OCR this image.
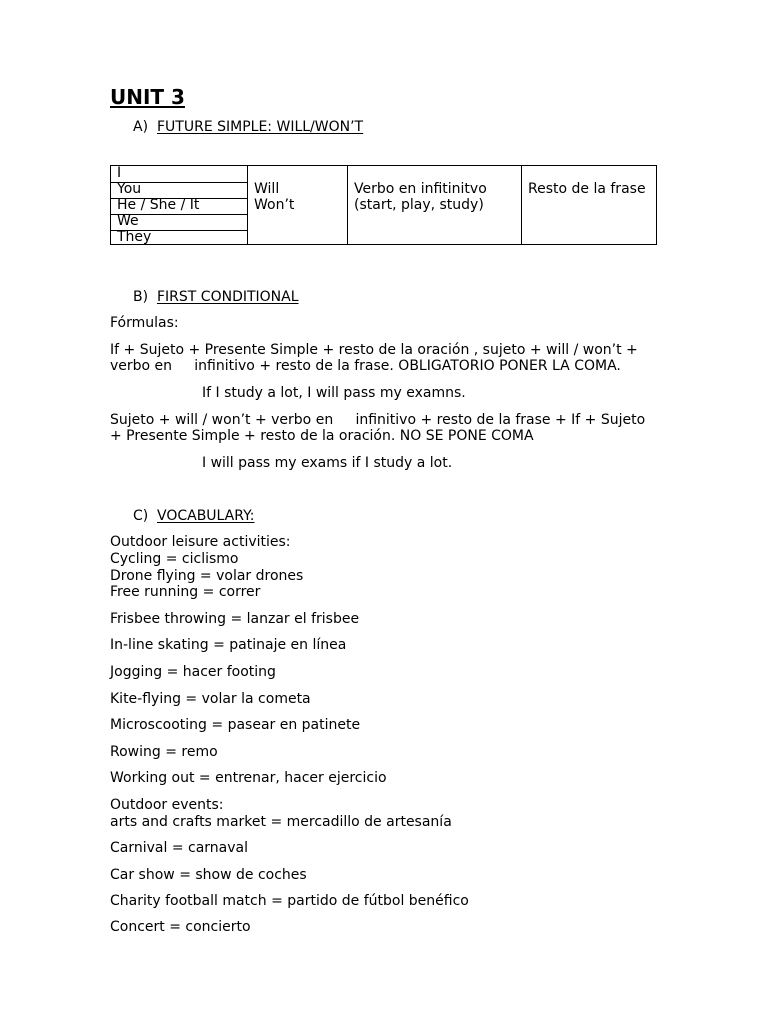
UNIT 3
A) FUTURE SIMPLE: WILL/WON’T
I
You
He / She / It
We
They
Will
Won’t
Verbo en infitinitvo
(start, play, study)
Resto de la frase
B) FIRST CONDITIONAL
Fórmulas:
If + Sujeto + Presente Simple + resto de la oración , sujeto + will / won’t +
verbo en     infinitivo + resto de la frase. OBLIGATORIO PONER LA COMA.
If I study a lot, I will pass my examns.
Sujeto + will / won’t + verbo en     infinitivo + resto de la frase + If + Sujeto
+ Presente Simple + resto de la oración. NO SE PONE COMA
I will pass my exams if I study a lot.
C) VOCABULARY:
Outdoor leisure activities:
Cycling = ciclismo
Drone flying = volar drones
Free running = correr
Frisbee throwing = lanzar el frisbee
In-line skating = patinaje en línea
Jogging = hacer footing
Kite-flying = volar la cometa
Microscooting = pasear en patinete
Rowing = remo
Working out = entrenar, hacer ejercicio
Outdoor events:
arts and crafts market = mercadillo de artesanía
Carnival = carnaval
Car show = show de coches
Charity football match = partido de fútbol benéfico
Concert = concierto
